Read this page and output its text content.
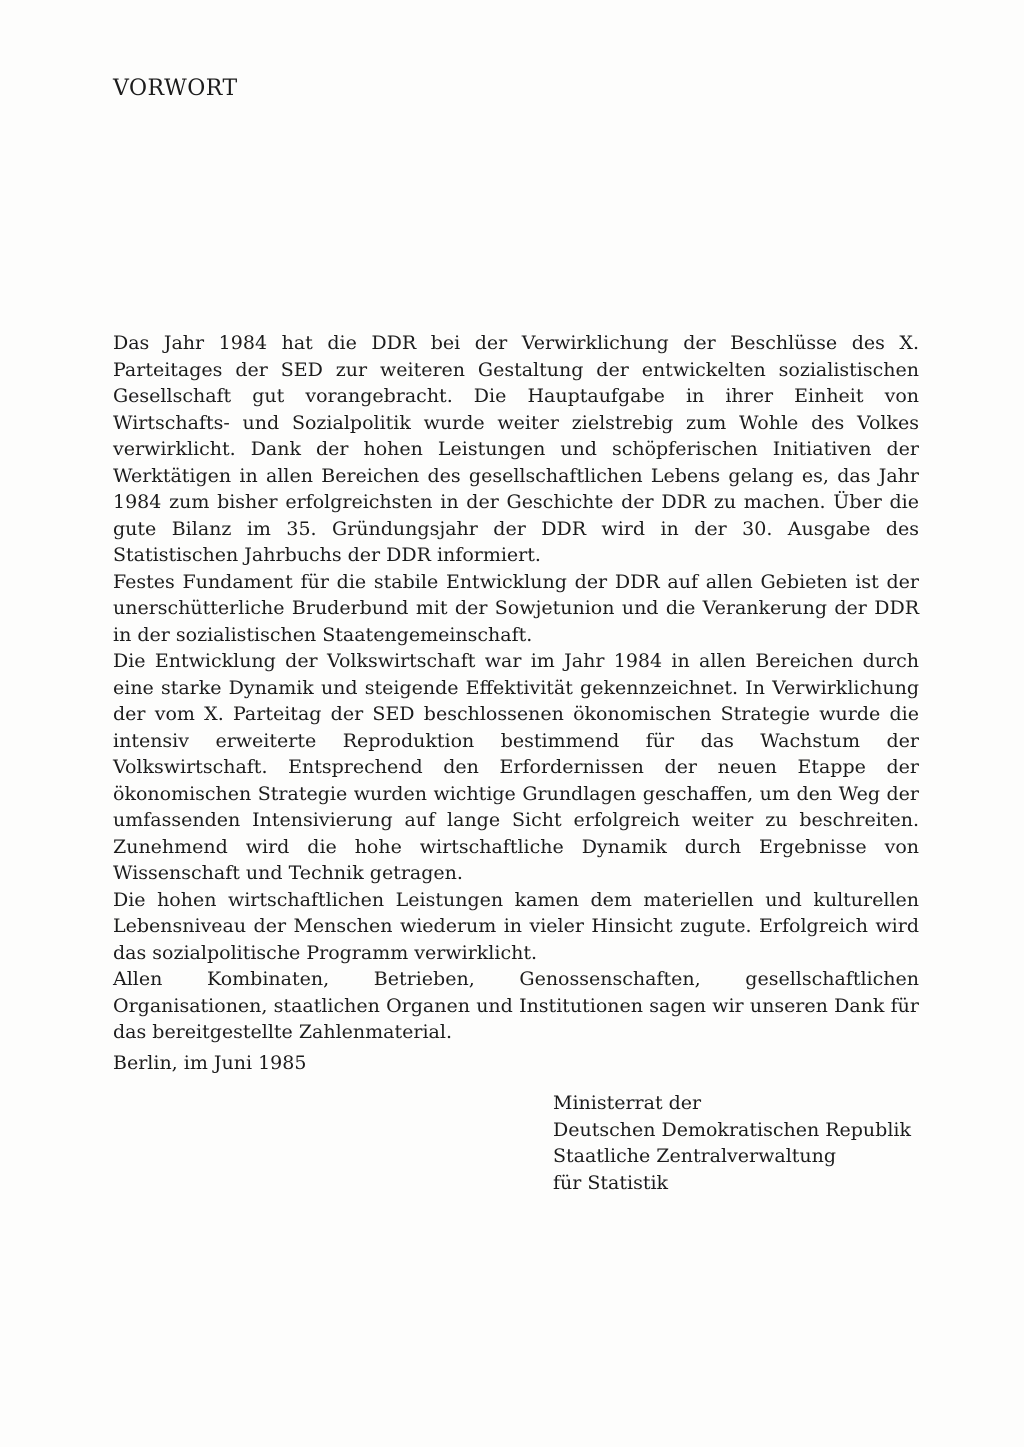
VORWORT

Das Jahr 1984 hat die DDR bei der Verwirklichung der Beschlüsse des X. Parteitages der SED zur weiteren Gestaltung der entwickelten sozialistischen Gesellschaft gut vorangebracht. Die Hauptaufgabe in ihrer Einheit von Wirtschafts- und Sozialpolitik wurde weiter zielstrebig zum Wohle des Volkes verwirklicht. Dank der hohen Leistungen und schöpferischen Initiativen der Werktätigen in allen Bereichen des gesellschaftlichen Lebens gelang es, das Jahr 1984 zum bisher erfolgreichsten in der Geschichte der DDR zu machen. Über die gute Bilanz im 35. Gründungsjahr der DDR wird in der 30. Ausgabe des Statistischen Jahrbuchs der DDR informiert.

Festes Fundament für die stabile Entwicklung der DDR auf allen Gebieten ist der unerschütterliche Bruderbund mit der Sowjetunion und die Verankerung der DDR in der sozialistischen Staatengemeinschaft.

Die Entwicklung der Volkswirtschaft war im Jahr 1984 in allen Bereichen durch eine starke Dynamik und steigende Effektivität gekennzeichnet. In Verwirklichung der vom X. Parteitag der SED beschlossenen ökonomischen Strategie wurde die intensiv erweiterte Reproduktion bestimmend für das Wachstum der Volkswirtschaft. Entsprechend den Erfordernissen der neuen Etappe der ökonomischen Strategie wurden wichtige Grundlagen geschaffen, um den Weg der umfassenden Intensivierung auf lange Sicht erfolgreich weiter zu beschreiten. Zunehmend wird die hohe wirtschaftliche Dynamik durch Ergebnisse von Wissenschaft und Technik getragen.

Die hohen wirtschaftlichen Leistungen kamen dem materiellen und kulturellen Lebensniveau der Menschen wiederum in vieler Hinsicht zugute. Erfolgreich wird das sozialpolitische Programm verwirklicht.

Allen Kombinaten, Betrieben, Genossenschaften, gesellschaftlichen Organisationen, staatlichen Organen und Institutionen sagen wir unseren Dank für das bereitgestellte Zahlenmaterial.

Berlin, im Juni 1985
Ministerrat der
Deutschen Demokratischen Republik
Staatliche Zentralverwaltung
für Statistik
